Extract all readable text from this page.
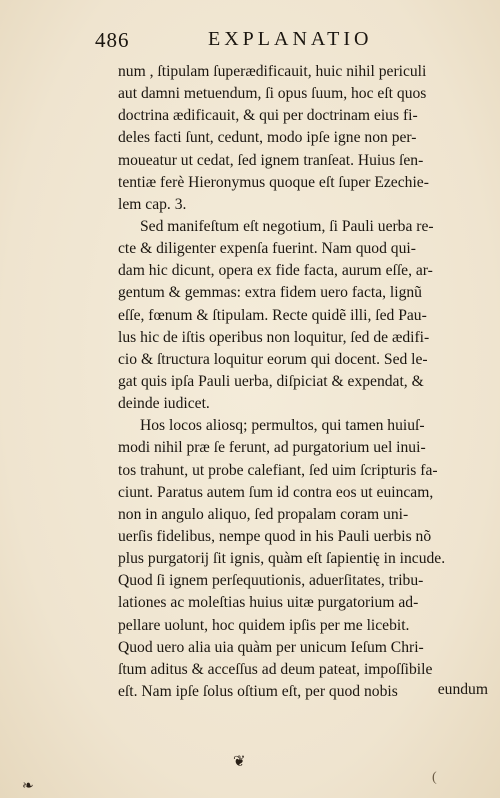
486	EXPLANATIO
num , ſtipulam ſuperædificauit, huic nihil periculi
aut damni metuendum, ſi opus ſuum, hoc eſt quos
doctrina ædificauit, & qui per doctrinam eius fi-
deles facti ſunt, cedunt, modo ipſe igne non per-
moueatur ut cedat, ſed ignem tranſeat. Huius ſen-
tentiæ ferè Hieronymus quoque eſt ſuper Ezechie-
lem cap. 3.
Sed manifeſtum eſt negotium, ſi Pauli uerba re-
cte & diligenter expenſa fuerint. Nam quod qui-
dam hic dicunt, opera ex fide facta, aurum eſſe, ar-
gentum & gemmas: extra fidem uero facta, lignũ
eſſe, fœnum & ſtipulam. Recte quidẽ illi, ſed Pau-
lus hic de iſtis operibus non loquitur, ſed de ædifi-
cio & ſtructura loquitur eorum qui docent. Sed le-
gat quis ipſa Pauli uerba, diſpiciat & expendat, &
deinde iudicet.
Hos locos aliosq; permultos, qui tamen huiuſ-
modi nihil præ ſe ferunt, ad purgatorium uel inui-
tos trahunt, ut probe calefiant, ſed uim ſcripturis fa-
ciunt. Paratus autem ſum id contra eos ut euincam,
non in angulo aliquo, ſed propalam coram uni-
uerſis fidelibus, nempe quod in his Pauli uerbis nõ
plus purgatorij ſit ignis, quàm eſt ſapientię in incude.
Quod ſi ignem perſequutionis, aduerſitates, tribu-
lationes ac moleſtias huius uitæ purgatorium ad-
pellare uolunt, hoc quidem ipſis per me licebit.
Quod uero alia uia quàm per unicum Ieſum Chri-
ſtum aditus & acceſſus ad deum pateat, impoſſibile
eſt. Nam ipſe ſolus oſtium eſt, per quod nobis	eundum
❦
❧
(
